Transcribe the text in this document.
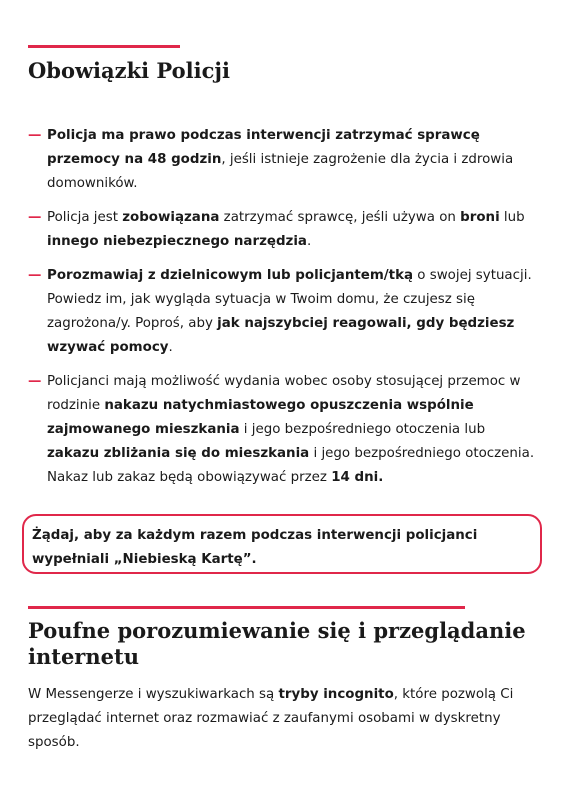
Obowiązki Policji
— Policja ma prawo podczas interwencji zatrzymać sprawcę przemocy na 48 godzin, jeśli istnieje zagrożenie dla życia i zdrowia domowników.
— Policja jest zobowiązana zatrzymać sprawcę, jeśli używa on broni lub innego niebezpiecznego narzędzia.
— Porozmawiaj z dzielnicowym lub policjantem/tką o swojej sytuacji. Powiedz im, jak wygląda sytuacja w Twoim domu, że czujesz się zagrożona/y. Poproś, aby jak najszybciej reagowali, gdy będziesz wzywać pomocy.
— Policjanci mają możliwość wydania wobec osoby stosującej przemoc w rodzinie nakazu natychmiastowego opuszczenia wspólnie zajmowanego mieszkania i jego bezpośredniego otoczenia lub zakazu zbliżania się do mieszkania i jego bezpośredniego otoczenia. Nakaz lub zakaz będą obowiązywać przez 14 dni.
Żądaj, aby za każdym razem podczas interwencji policjanci wypełniali „Niebieską Kartę”.
Poufne porozumiewanie się i przeglądanie internetu

W Messengerze i wyszukiwarkach są tryby incognito, które pozwolą Ci przeglądać internet oraz rozmawiać z zaufanymi osobami w dyskretny sposób.
